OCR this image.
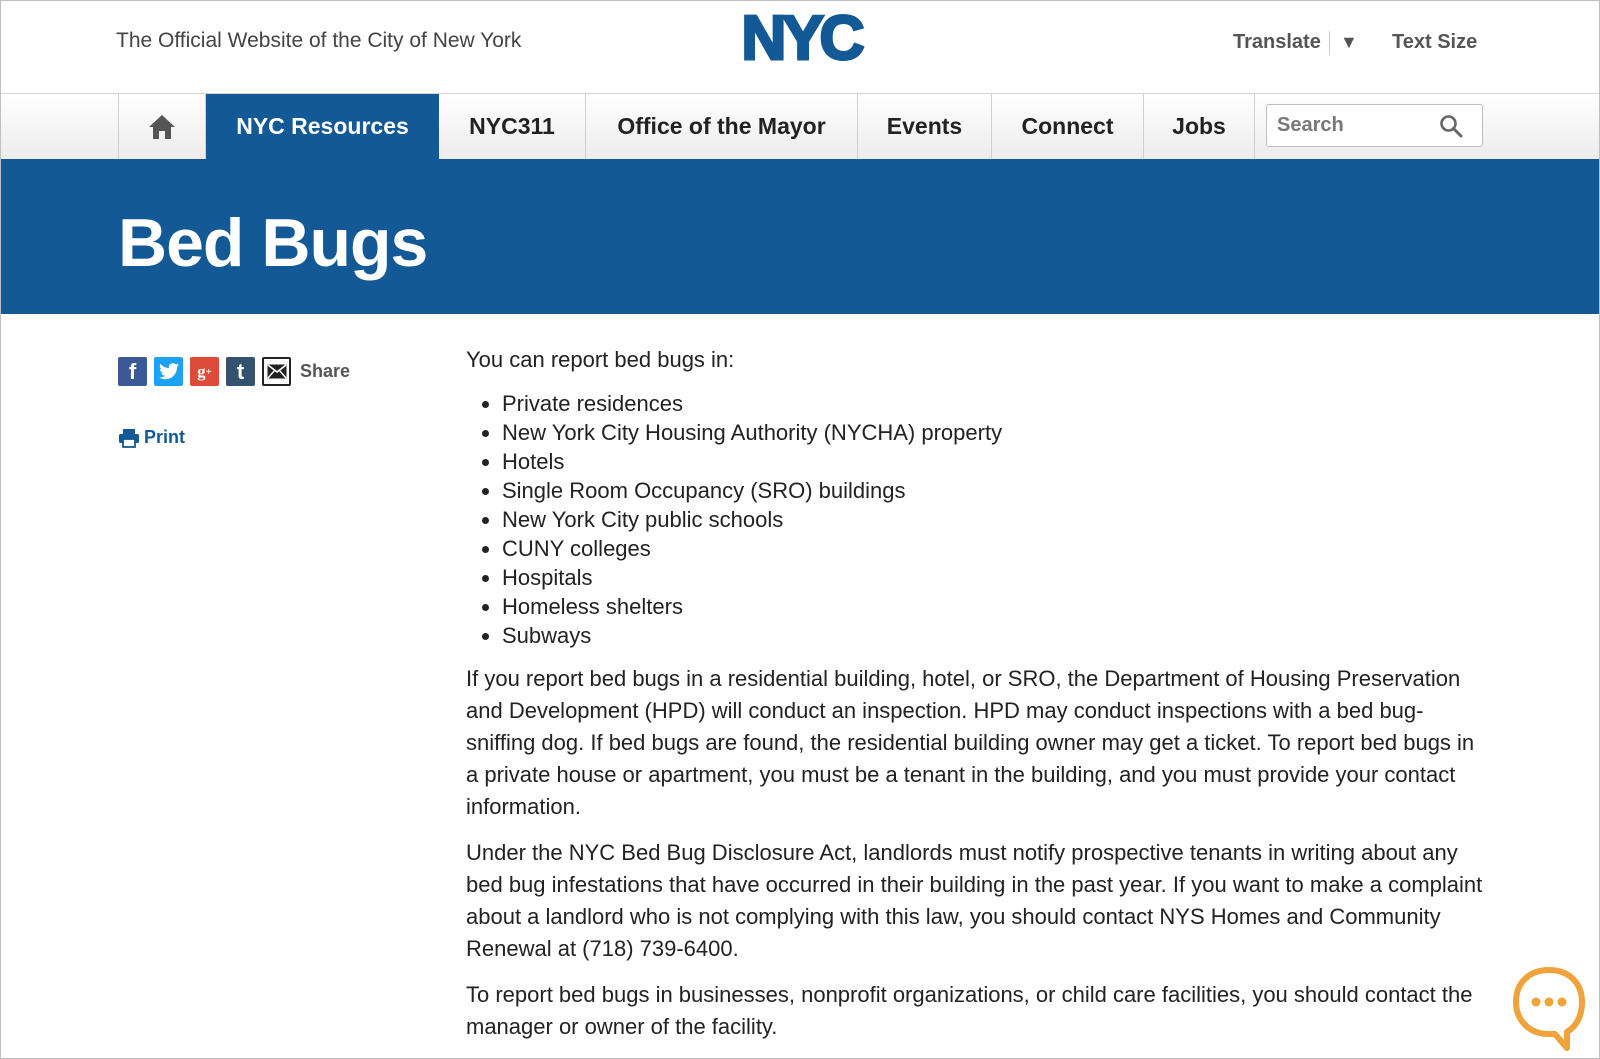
The Official Website of the City of New York	NYC	Translate ▼ Text Size
NYC Resources	NYC311	Office of the Mayor	Events	Connect	Jobs
Search
Bed Bugs
f	g +	t	Share
Print

You can report bed bugs in:

• Private residences
• New York City Housing Authority (NYCHA) property
• Hotels
• Single Room Occupancy (SRO) buildings
• New York City public schools
• CUNY colleges
• Hospitals
• Homeless shelters
• Subways

If you report bed bugs in a residential building, hotel, or SRO, the Department of Housing Preservation and Development (HPD) will conduct an inspection. HPD may conduct inspections with a bed bug-sniffing dog. If bed bugs are found, the residential building owner may get a ticket. To report bed bugs in a private house or apartment, you must be a tenant in the building, and you must provide your contact information.

Under the NYC Bed Bug Disclosure Act, landlords must notify prospective tenants in writing about any bed bug infestations that have occurred in their building in the past year. If you want to make a complaint about a landlord who is not complying with this law, you should contact NYS Homes and Community Renewal at (718) 739-6400.

To report bed bugs in businesses, nonprofit organizations, or child care facilities, you should contact the manager or owner of the facility.
